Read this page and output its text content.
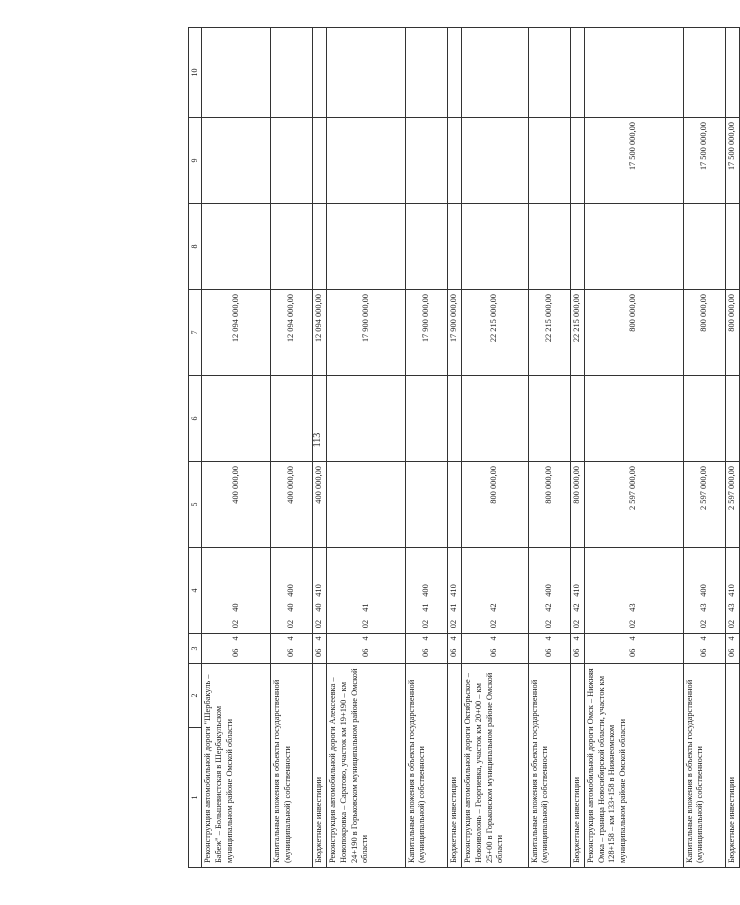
113
1	2	3	4	5	6	7	8	9	10
Реконструкция автомобильной дороги "Шербакуль – Бабеж" – Большевистская в Шербакульском муниципальном районе Омской области		06 4 02 40		400 000,00		12 094 000,00			
Капитальные вложения в объекты государственной (муниципальной) собственности		06 4 02 40	400	400 000,00		12 094 000,00			
Бюджетные инвестиции		06 4 02 40	410	400 000,00		12 094 000,00			
Реконструкция автомобильной дороги Алексеевка – Новопокровка – Саратово, участок км 19+190 – км 24+190 в Горьковском муниципальном районе Омской области		06 4 02 41				17 900 000,00			
Капитальные вложения в объекты государственной (муниципальной) собственности		06 4 02 41	400			17 900 000,00			
Бюджетные инвестиции		06 4 02 41	410			17 900 000,00			
Реконструкция автомобильной дороги Октябрьское – Новоиволонь – Георгиевка, участок км 20+00 – км 25+00 в Горьковском муниципальном районе Омской области		06 4 02 42		800 000,00		22 215 000,00			
Капитальные вложения в объекты государственной (муниципальной) собственности		06 4 02 42	400	800 000,00		22 215 000,00			
Бюджетные инвестиции		06 4 02 42	410	800 000,00		22 215 000,00			
Реконструкция автомобильной дороги Омск – Нижняя Омка – граница Новосибирской области, участок км 128+158 – км 133+158 в Нижнеомском муниципальном районе Омской области		06 4 02 43		2 597 000,00		800 000,00		17 500 000,00	
Капитальные вложения в объекты государственной (муниципальной) собственности		06 4 02 43	400	2 597 000,00		800 000,00		17 500 000,00	
Бюджетные инвестиции		06 4 02 43	410	2 597 000,00		800 000,00		17 500 000,00	
